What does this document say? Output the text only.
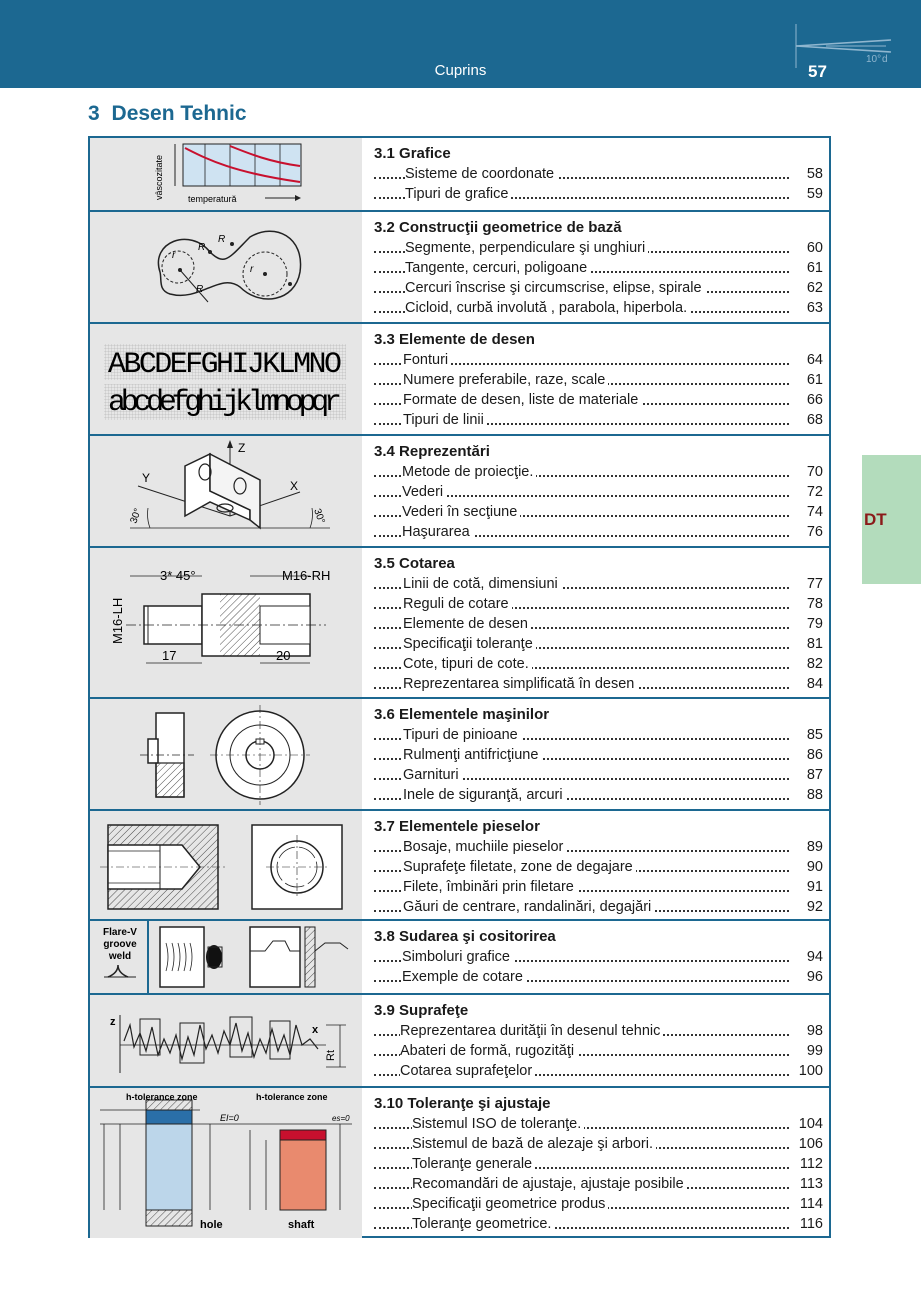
10° d
Cuprins	57
3 Desen Tehnic
DT
vâscozitate	temperatură
3.1 Grafice
Sisteme de coordonate	58
Tipuri de grafice	59
R
R
r
r
R
3.2 Construcţii geometrice de bază
Segmente, perpendiculare şi unghiuri	60
Tangente, cercuri, poligoane	61
Cercuri înscrise şi circumscrise, elipse, spirale	62
Cicloid, curbă involută , parabola, hiperbola.	63
ABCDEFGHIJKLMNO
abcdefghijklmnopqr
3.3 Elemente de desen
Fonturi	64
Numere preferabile, raze, scale	61
Formate de desen, liste de materiale	66
Tipuri de linii	68
Z
Y
X
30°	30°
3.4 Reprezentări
Metode de proiecţie.	70
Vederi	72
Vederi în secţiune	74
Haşurarea	76
3* 45°	M16-RH
M16-LH
17	20
3.5 Cotarea
Linii de cotă, dimensiuni	77
Reguli de cotare	78
Elemente de desen	79
Specificaţii toleranţe	81
Cote, tipuri de cote.	82
Reprezentarea simplificată în desen	84
3.6 Elementele maşinilor
Tipuri de pinioane	85
Rulmenţi antifricţiune	86
Garnituri	87
Inele de siguranţă, arcuri	88
3.7 Elementele pieselor
Bosaje, muchiile pieselor	89
Suprafeţe filetate, zone de degajare	90
Filete, îmbinări prin filetare	91
Găuri de centrare, randalinări, degajări	92
Flare-V groove weld
3.8 Sudarea şi cositorirea
Simboluri grafice	94
Exemple de cotare	96
z
x
Rt
3.9 Suprafeţe
Reprezentarea durităţii în desenul tehnic	98
Abateri de formă, rugozităţi	99
Cotarea suprafeţelor	100
h-tolerance zone	h-tolerance zone
EI=0	es=0
hole	shaft
3.10 Toleranţe şi ajustaje
Sistemul ISO de toleranţe.	104
Sistemul de bază de alezaje şi arbori.	106
Toleranţe generale	112
Recomandări de ajustaje, ajustaje posibile	113
Specificaţii geometrice produs	114
Toleranţe geometrice.	116
